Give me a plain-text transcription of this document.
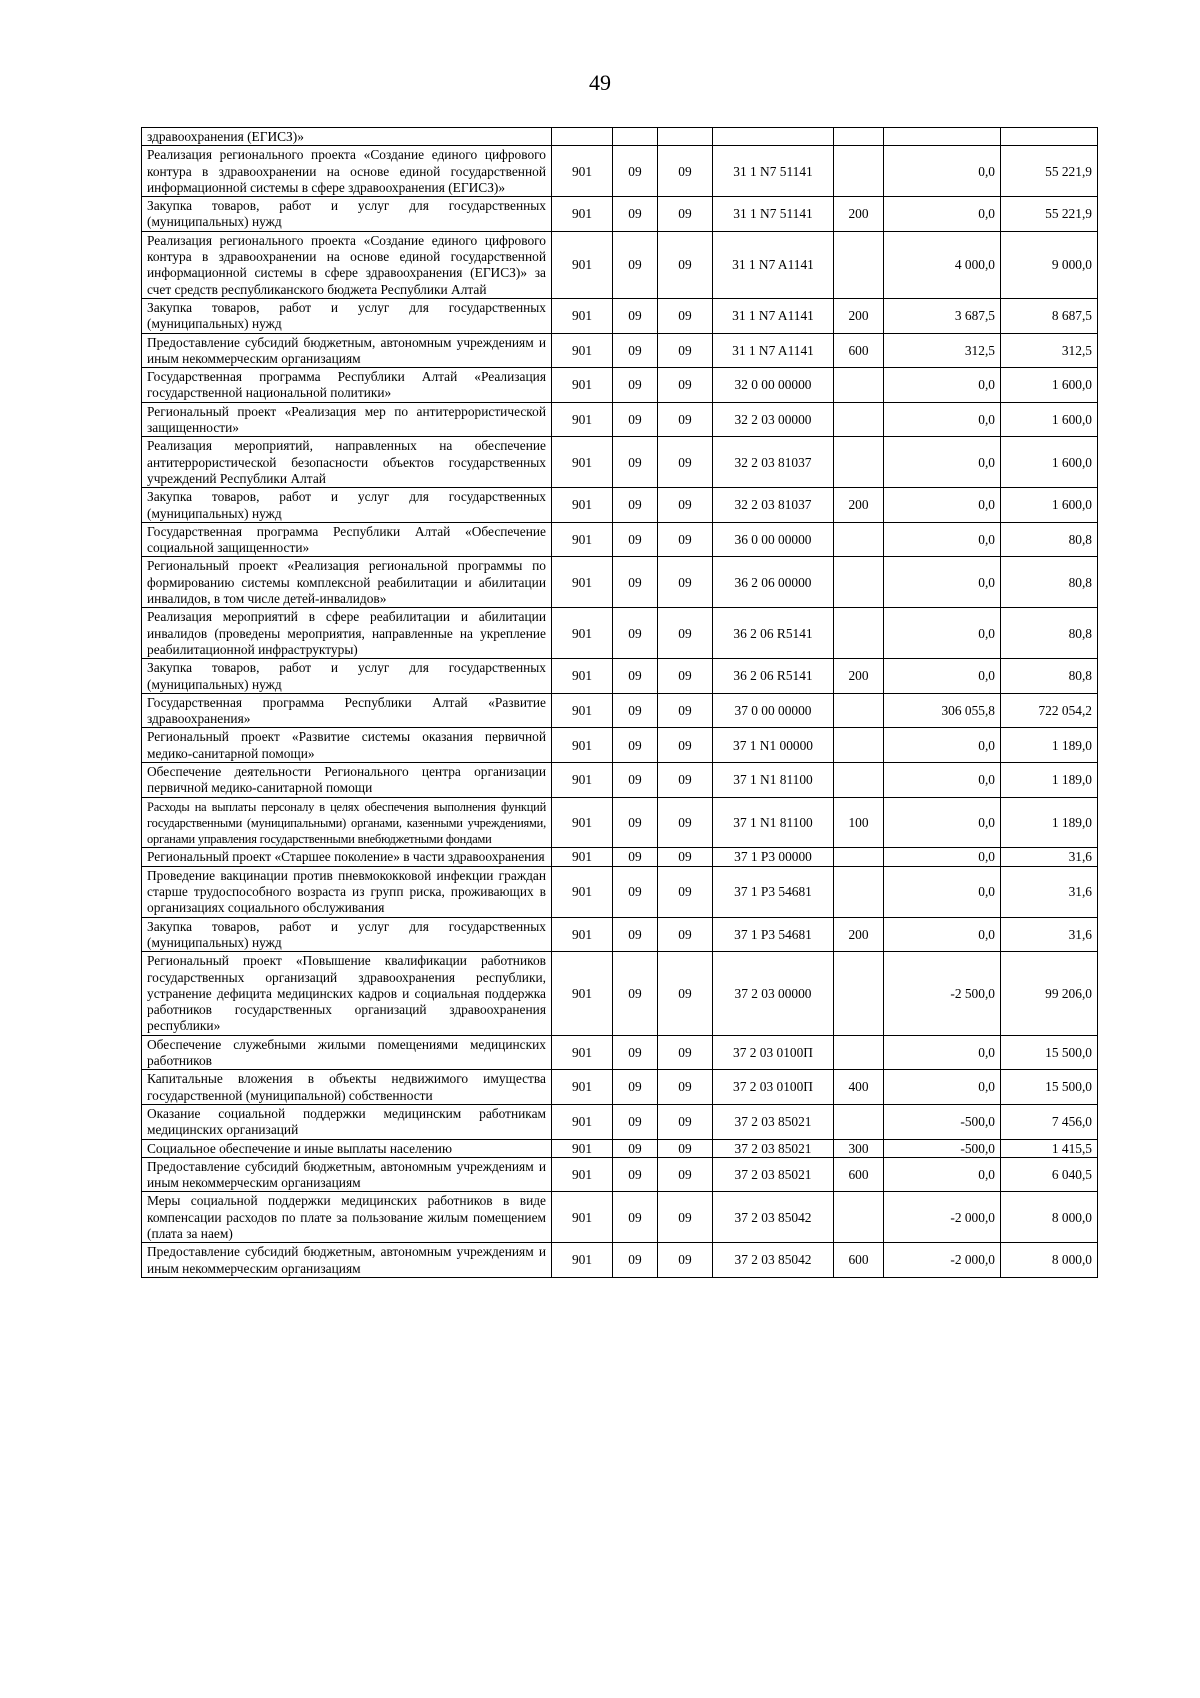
49
здравоохранения (ЕГИСЗ)»							
Реализация регионального проекта «Создание единого цифрового контура в здравоохранении на основе единой государственной информационной системы в сфере здравоохранения (ЕГИСЗ)»	901	09	09	31 1 N7 51141		0,0	55 221,9
Закупка товаров, работ и услуг для государственных (муниципальных) нужд	901	09	09	31 1 N7 51141	200	0,0	55 221,9
Реализация регионального проекта «Создание единого цифрового контура в здравоохранении на основе единой государственной информационной системы в сфере здравоохранения (ЕГИСЗ)» за счет средств республиканского бюджета Республики Алтай	901	09	09	31 1 N7 A1141		4 000,0	9 000,0
Закупка товаров, работ и услуг для государственных (муниципальных) нужд	901	09	09	31 1 N7 A1141	200	3 687,5	8 687,5
Предоставление субсидий бюджетным, автономным учреждениям и иным некоммерческим организациям	901	09	09	31 1 N7 A1141	600	312,5	312,5
Государственная программа Республики Алтай «Реализация государственной национальной политики»	901	09	09	32 0 00 00000		0,0	1 600,0
Региональный проект «Реализация мер по антитеррористической защищенности»	901	09	09	32 2 03 00000		0,0	1 600,0
Реализация мероприятий, направленных на обеспечение антитеррористической безопасности объектов государственных учреждений Республики Алтай	901	09	09	32 2 03 81037		0,0	1 600,0
Закупка товаров, работ и услуг для государственных (муниципальных) нужд	901	09	09	32 2 03 81037	200	0,0	1 600,0
Государственная программа Республики Алтай «Обеспечение социальной защищенности»	901	09	09	36 0 00 00000		0,0	80,8
Региональный проект «Реализация региональной программы по формированию системы комплексной реабилитации и абилитации инвалидов, в том числе детей-инвалидов»	901	09	09	36 2 06 00000		0,0	80,8
Реализация мероприятий в сфере реабилитации и абилитации инвалидов (проведены мероприятия, направленные на укрепление реабилитационной инфраструктуры)	901	09	09	36 2 06 R5141		0,0	80,8
Закупка товаров, работ и услуг для государственных (муниципальных) нужд	901	09	09	36 2 06 R5141	200	0,0	80,8
Государственная программа Республики Алтай «Развитие здравоохранения»	901	09	09	37 0 00 00000		306 055,8	722 054,2
Региональный проект «Развитие системы оказания первичной медико-санитарной помощи»	901	09	09	37 1 N1 00000		0,0	1 189,0
Обеспечение деятельности Регионального центра организации первичной медико-санитарной помощи	901	09	09	37 1 N1 81100		0,0	1 189,0
Расходы на выплаты персоналу в целях обеспечения выполнения функций государственными (муниципальными) органами, казенными учреждениями, органами управления государственными внебюджетными фондами	901	09	09	37 1 N1 81100	100	0,0	1 189,0
Региональный проект «Старшее поколение» в части здравоохранения	901	09	09	37 1 P3 00000		0,0	31,6
Проведение вакцинации против пневмококковой инфекции граждан старше трудоспособного возраста из групп риска, проживающих в организациях социального обслуживания	901	09	09	37 1 P3 54681		0,0	31,6
Закупка товаров, работ и услуг для государственных (муниципальных) нужд	901	09	09	37 1 P3 54681	200	0,0	31,6
Региональный проект «Повышение квалификации работников государственных организаций здравоохранения республики, устранение дефицита медицинских кадров и социальная поддержка работников государственных организаций здравоохранения республики»	901	09	09	37 2 03 00000		-2 500,0	99 206,0
Обеспечение служебными жилыми помещениями медицинских работников	901	09	09	37 2 03 0100П		0,0	15 500,0
Капитальные вложения в объекты недвижимого имущества государственной (муниципальной) собственности	901	09	09	37 2 03 0100П	400	0,0	15 500,0
Оказание социальной поддержки медицинским работникам медицинских организаций	901	09	09	37 2 03 85021		-500,0	7 456,0
Социальное обеспечение и иные выплаты населению	901	09	09	37 2 03 85021	300	-500,0	1 415,5
Предоставление субсидий бюджетным, автономным учреждениям и иным некоммерческим организациям	901	09	09	37 2 03 85021	600	0,0	6 040,5
Меры социальной поддержки медицинских работников в виде компенсации расходов по плате за пользование жилым помещением (плата за наем)	901	09	09	37 2 03 85042		-2 000,0	8 000,0
Предоставление субсидий бюджетным, автономным учреждениям и иным некоммерческим организациям	901	09	09	37 2 03 85042	600	-2 000,0	8 000,0
